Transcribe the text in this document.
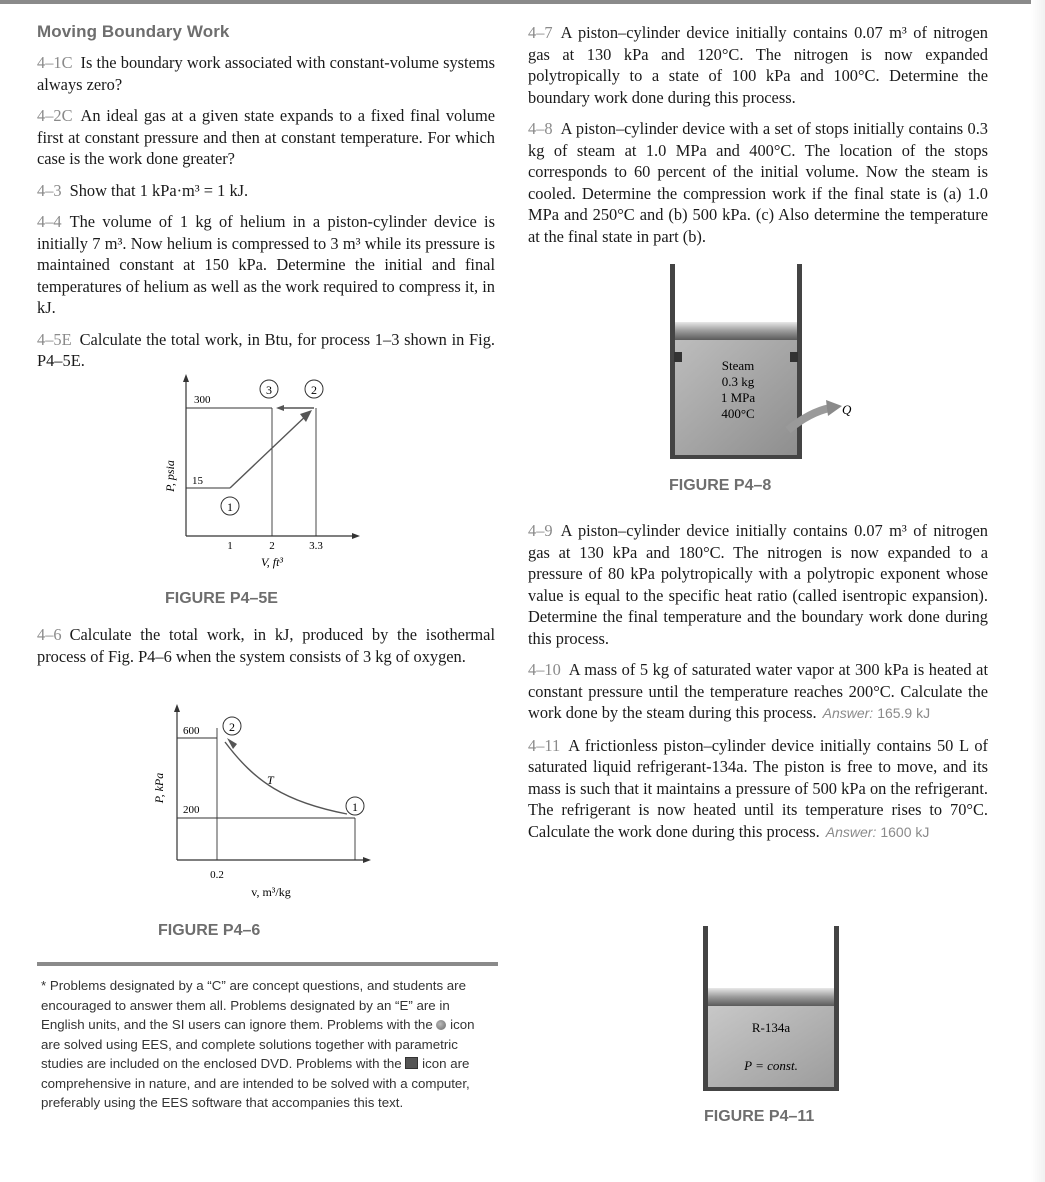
Moving Boundary Work
4–1C Is the boundary work associated with constant-volume systems always zero?
4–2C An ideal gas at a given state expands to a fixed final volume first at constant pressure and then at constant temperature. For which case is the work done greater?
4–3 Show that 1 kPa·m³ = 1 kJ.
4–4 The volume of 1 kg of helium in a piston-cylinder device is initially 7 m³. Now helium is compressed to 3 m³ while its pressure is maintained constant at 150 kPa. Determine the initial and final temperatures of helium as well as the work required to compress it, in kJ.
4–5E Calculate the total work, in Btu, for process 1–3 shown in Fig. P4–5E.
3	2
1
300
15
1	2	3.3
V, ft³
P, psia
FIGURE P4–5E
4–6 Calculate the total work, in kJ, produced by the isothermal process of Fig. P4–6 when the system consists of 3 kg of oxygen.
2
1
T
600
200
0.2
v, m³/kg
P, kPa
FIGURE P4–6
* Problems designated by a “C” are concept questions, and students are encouraged to answer them all. Problems designated by an “E” are in English units, and the SI users can ignore them. Problems with the icon are solved using EES, and complete solutions together with parametric studies are included on the enclosed DVD. Problems with the icon are comprehensive in nature, and are intended to be solved with a computer, preferably using the EES software that accompanies this text.
4–7 A piston–cylinder device initially contains 0.07 m³ of nitrogen gas at 130 kPa and 120°C. The nitrogen is now expanded polytropically to a state of 100 kPa and 100°C. Determine the boundary work done during this process.
4–8 A piston–cylinder device with a set of stops initially contains 0.3 kg of steam at 1.0 MPa and 400°C. The location of the stops corresponds to 60 percent of the initial volume. Now the steam is cooled. Determine the compression work if the final state is (a) 1.0 MPa and 250°C and (b) 500 kPa. (c) Also determine the temperature at the final state in part (b).
Steam
0.3 kg
1 MPa
400°C	Q
FIGURE P4–8
4–9 A piston–cylinder device initially contains 0.07 m³ of nitrogen gas at 130 kPa and 180°C. The nitrogen is now expanded to a pressure of 80 kPa polytropically with a polytropic exponent whose value is equal to the specific heat ratio (called isentropic expansion). Determine the final temperature and the boundary work done during this process.
4–10 A mass of 5 kg of saturated water vapor at 300 kPa is heated at constant pressure until the temperature reaches 200°C. Calculate the work done by the steam during this process. Answer: 165.9 kJ
4–11 A frictionless piston–cylinder device initially contains 50 L of saturated liquid refrigerant-134a. The piston is free to move, and its mass is such that it maintains a pressure of 500 kPa on the refrigerant. The refrigerant is now heated until its temperature rises to 70°C. Calculate the work done during this process. Answer: 1600 kJ
R-134a
P = const.
FIGURE P4–11
